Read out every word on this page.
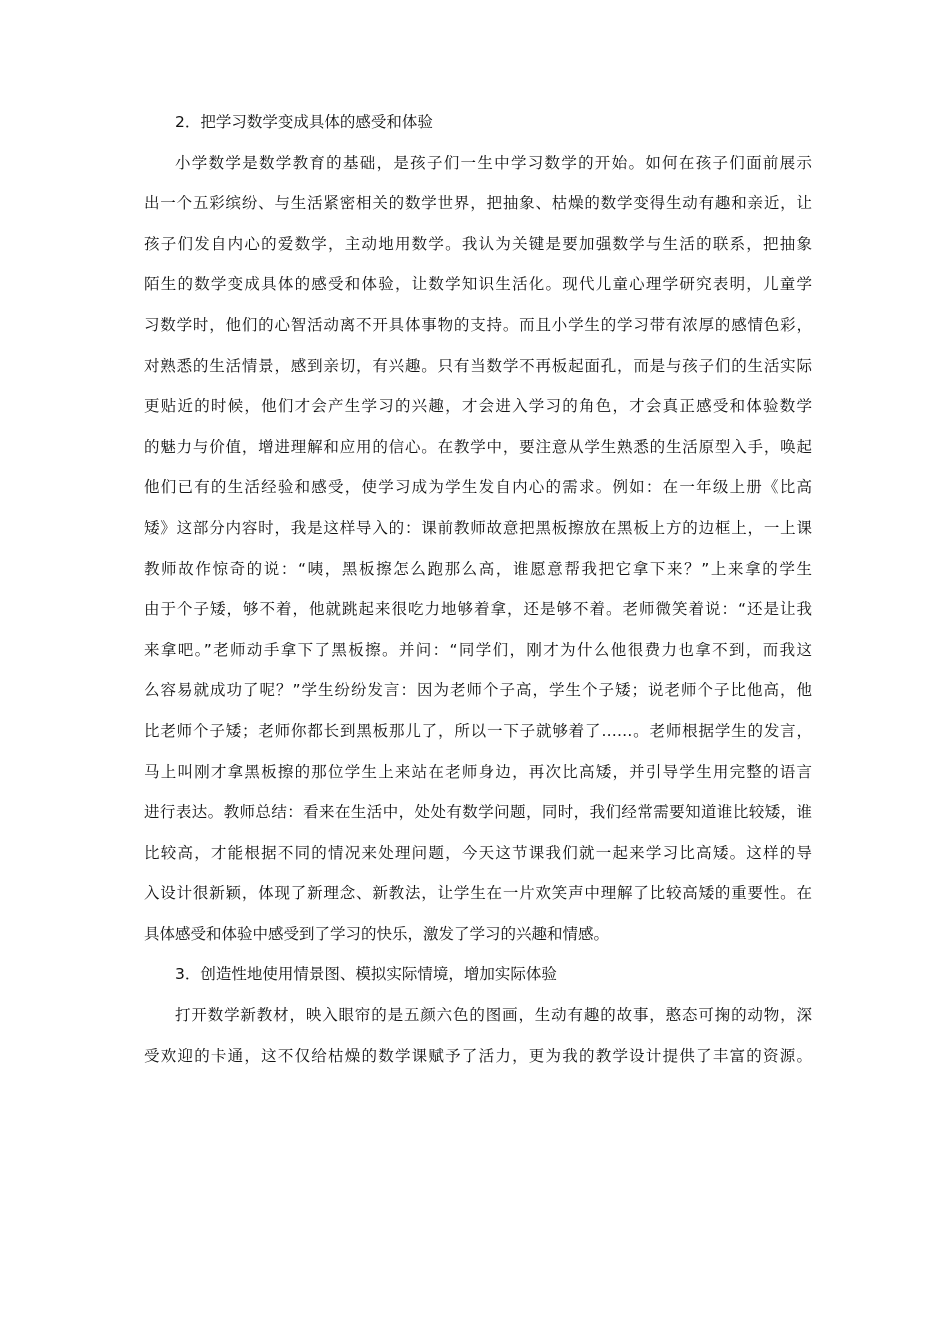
2．把学习数学变成具体的感受和体验
小学数学是数学教育的基础，是孩子们一生中学习数学的开始。如何在孩子们面前展示
出一个五彩缤纷、与生活紧密相关的数学世界，把抽象、枯燥的数学变得生动有趣和亲近，让
孩子们发自内心的爱数学，主动地用数学。我认为关键是要加强数学与生活的联系，把抽象
陌生的数学变成具体的感受和体验，让数学知识生活化。现代儿童心理学研究表明，儿童学
习数学时，他们的心智活动离不开具体事物的支持。而且小学生的学习带有浓厚的感情色彩，
对熟悉的生活情景，感到亲切，有兴趣。只有当数学不再板起面孔，而是与孩子们的生活实际
更贴近的时候，他们才会产生学习的兴趣，才会进入学习的角色，才会真正感受和体验数学
的魅力与价值，增进理解和应用的信心。在教学中，要注意从学生熟悉的生活原型入手，唤起
他们已有的生活经验和感受，使学习成为学生发自内心的需求。例如：在一年级上册《比高
矮》这部分内容时，我是这样导入的：课前教师故意把黑板擦放在黑板上方的边框上，一上课
教师故作惊奇的说：“咦，黑板擦怎么跑那么高，谁愿意帮我把它拿下来？”上来拿的学生
由于个子矮，够不着，他就跳起来很吃力地够着拿，还是够不着。老师微笑着说：“还是让我
来拿吧。”老师动手拿下了黑板擦。并问：“同学们，刚才为什么他很费力也拿不到，而我这
么容易就成功了呢？”学生纷纷发言：因为老师个子高，学生个子矮；说老师个子比他高，他
比老师个子矮；老师你都长到黑板那儿了，所以一下子就够着了……。老师根据学生的发言，
马上叫刚才拿黑板擦的那位学生上来站在老师身边，再次比高矮，并引导学生用完整的语言
进行表达。教师总结：看来在生活中，处处有数学问题，同时，我们经常需要知道谁比较矮，谁
比较高，才能根据不同的情况来处理问题，今天这节课我们就一起来学习比高矮。这样的导
入设计很新颖，体现了新理念、新教法，让学生在一片欢笑声中理解了比较高矮的重要性。在
具体感受和体验中感受到了学习的快乐，激发了学习的兴趣和情感。
3．创造性地使用情景图、模拟实际情境，增加实际体验
打开数学新教材，映入眼帘的是五颜六色的图画，生动有趣的故事，憨态可掬的动物，深
受欢迎的卡通，这不仅给枯燥的数学课赋予了活力，更为我的教学设计提供了丰富的资源。
